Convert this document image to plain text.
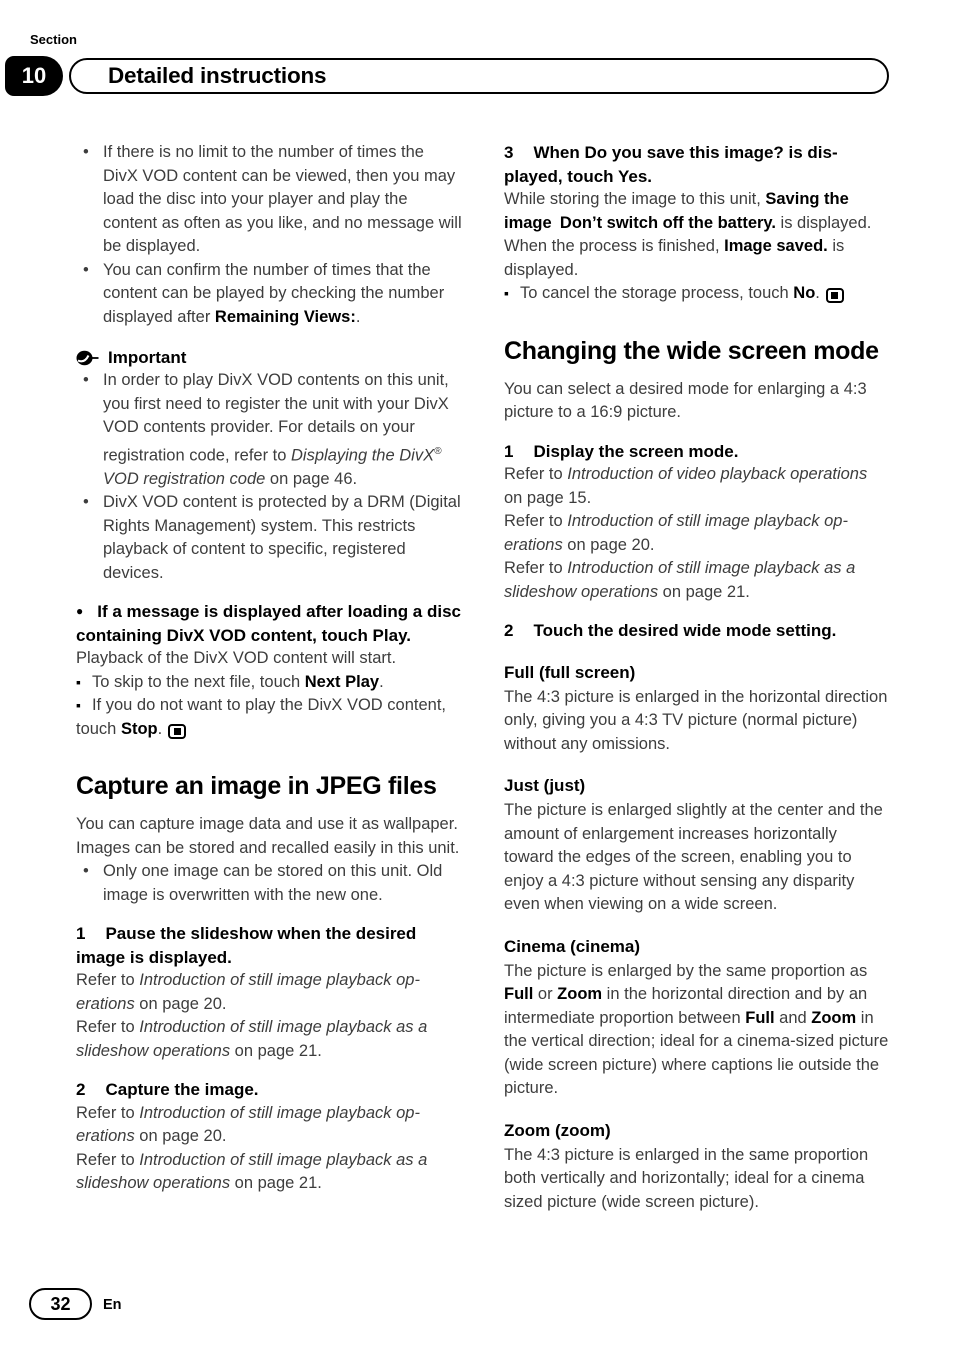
Section
10	Detailed instructions
• If there is no limit to the number of times the DivX VOD content can be viewed, then you may load the disc into your player and play the content as often as you like, and no message will be displayed.
• You can confirm the number of times that the content can be played by checking the number displayed after Remaining Views:.
Important
• In order to play DivX VOD contents on this unit, you first need to register the unit with your DivX VOD contents provider. For details on your registration code, refer to Displaying the DivX® VOD registration code on page 46.
• DivX VOD content is protected by a DRM (Digital Rights Management) system. This restricts playback of content to specific, registered devices.

● If a message is displayed after loading a disc containing DivX VOD content, touch Play.

Playback of the DivX VOD content will start.

▪ To skip to the next file, touch Next Play.

▪ If you do not want to play the DivX VOD content, touch Stop.

Capture an image in JPEG files

You can capture image data and use it as wallpaper. Images can be stored and recalled easily in this unit.

• Only one image can be stored on this unit. Old image is overwritten with the new one.

1 Pause the slideshow when the desired image is displayed.

Refer to Introduction of still image playback operations on page 20.

Refer to Introduction of still image playback as a slideshow operations on page 21.

2 Capture the image.

Refer to Introduction of still image playback operations on page 20.

Refer to Introduction of still image playback as a slideshow operations on page 21.

3 When Do you save this image? is displayed, touch Yes.

While storing the image to this unit, Saving the image Don’t switch off the battery. is displayed. When the process is finished, Image saved. is displayed.

▪ To cancel the storage process, touch No.

Changing the wide screen mode

You can select a desired mode for enlarging a 4:3 picture to a 16:9 picture.

1 Display the screen mode.

Refer to Introduction of video playback operations on page 15.

Refer to Introduction of still image playback operations on page 20.

Refer to Introduction of still image playback as a slideshow operations on page 21.

2 Touch the desired wide mode setting.

Full (full screen)

The 4:3 picture is enlarged in the horizontal direction only, giving you a 4:3 TV picture (normal picture) without any omissions.

Just (just)

The picture is enlarged slightly at the center and the amount of enlargement increases horizontally toward the edges of the screen, enabling you to enjoy a 4:3 picture without sensing any disparity even when viewing on a wide screen.

Cinema (cinema)

The picture is enlarged by the same proportion as Full or Zoom in the horizontal direction and by an intermediate proportion between Full and Zoom in the vertical direction; ideal for a cinema-sized picture (wide screen picture) where captions lie outside the picture.

Zoom (zoom)

The 4:3 picture is enlarged in the same proportion both vertically and horizontally; ideal for a cinema sized picture (wide screen picture).

32 En
